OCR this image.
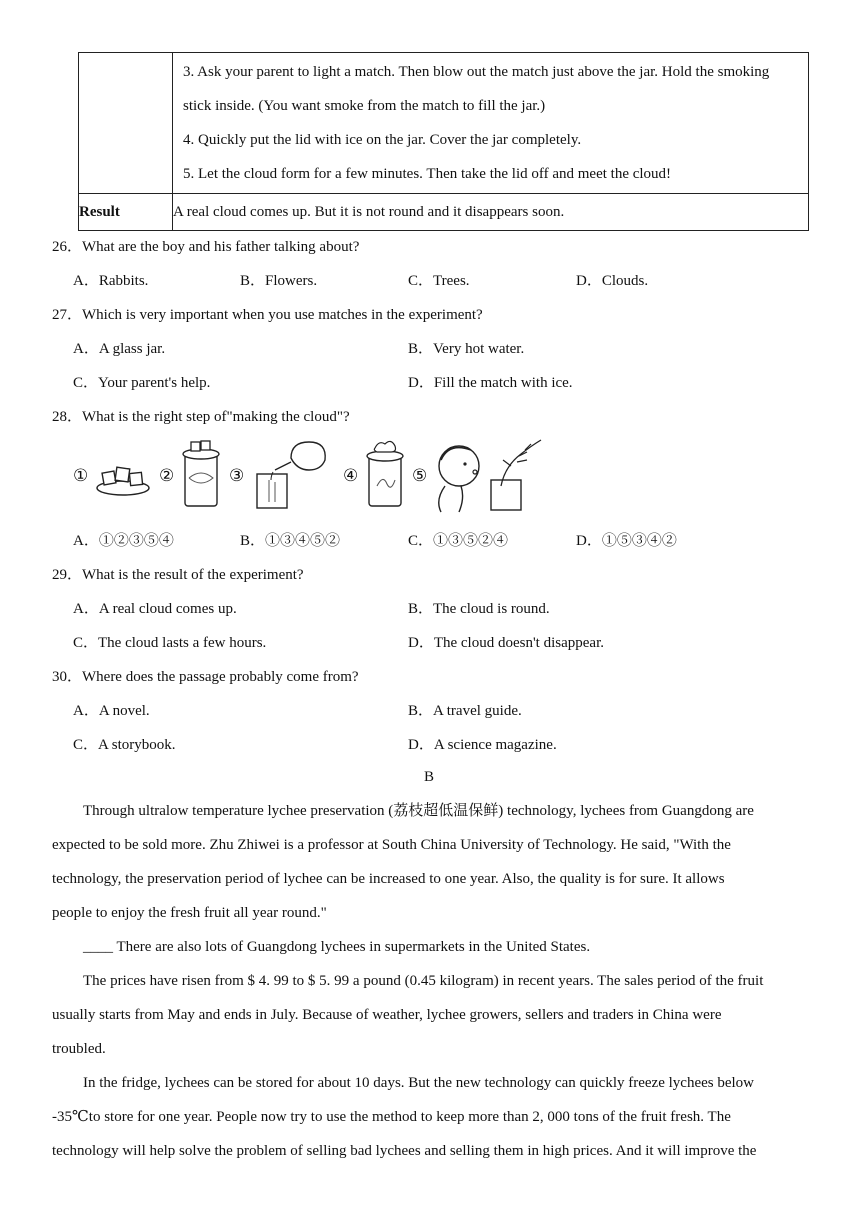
	3. Ask your parent to light a match. Then blow out the match just above the jar. Hold the smoking
stick inside. (You want smoke from the match to fill the jar.)
4. Quickly put the lid with ice on the jar. Cover the jar completely.
5. Let the cloud form for a few minutes. Then take the lid off and meet the cloud!

Result	A real cloud comes up. But it is not round and it disappears soon.
26．What are the boy and his father talking about?
A．Rabbits.	B．Flowers.	C．Trees.	D．Clouds.
27．Which is very important when you use matches in the experiment?
A．A glass jar.	B．Very hot water.
C．Your parent's help.	D．Fill the match with ice.
28．What is the right step of"making the cloud"?
①	②	③	④	⑤
A．①②③⑤④	B．①③④⑤②	C．①③⑤②④	D．①⑤③④②
29．What is the result of the experiment?
A．A real cloud comes up.	B．The cloud is round.
C．The cloud lasts a few hours.	D．The cloud doesn't disappear.
30．Where does the passage probably come from?
A．A novel.	B．A travel guide.
C．A storybook.	D．A science magazine.
B
Through ultralow temperature lychee preservation (荔枝超低温保鲜) technology, lychees from Guangdong are
expected to be sold more. Zhu Zhiwei is a professor at South China University of Technology. He said, "With the
technology, the preservation period of lychee can be increased to one year. Also, the quality is for sure. It allows
people to enjoy the fresh fruit all year round."
____ There are also lots of Guangdong lychees in supermarkets in the United States.
The prices have risen from $ 4. 99 to $ 5. 99 a pound (0.45 kilogram) in recent years. The sales period of the fruit
usually starts from May and ends in July. Because of weather, lychee growers, sellers and traders in China were
troubled.
In the fridge, lychees can be stored for about 10 days. But the new technology can quickly freeze lychees below
-35℃to store for one year. People now try to use the method to keep more than 2, 000 tons of the fruit fresh. The
technology will help solve the problem of selling bad lychees and selling them in high prices. And it will improve the
